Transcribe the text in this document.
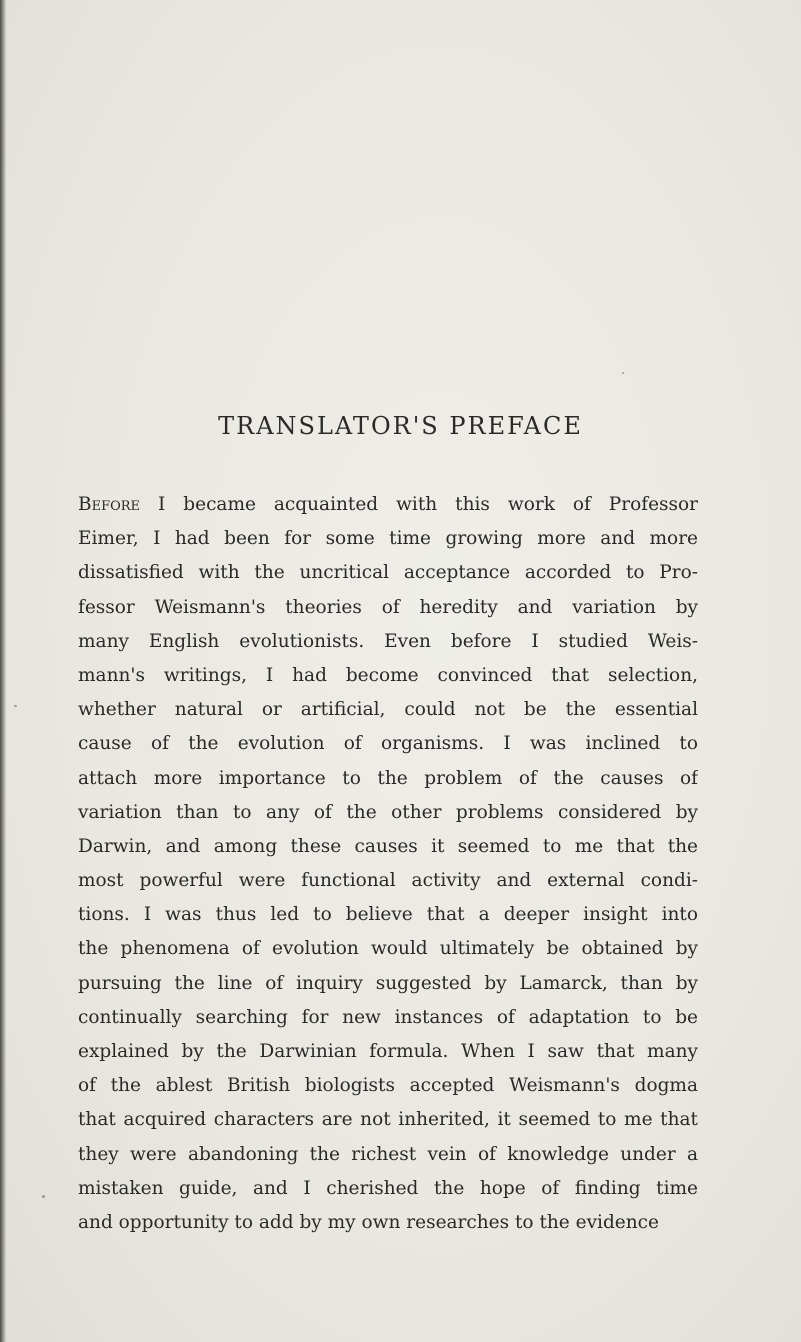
TRANSLATOR'S PREFACE
Before I became acquainted with this work of Professor
Eimer, I had been for some time growing more and more
dissatisfied with the uncritical acceptance accorded to Pro-
fessor Weismann's theories of heredity and variation by
many English evolutionists. Even before I studied Weis-
mann's writings, I had become convinced that selection,
whether natural or artificial, could not be the essential
cause of the evolution of organisms. I was inclined to
attach more importance to the problem of the causes of
variation than to any of the other problems considered by
Darwin, and among these causes it seemed to me that the
most powerful were functional activity and external condi-
tions. I was thus led to believe that a deeper insight into
the phenomena of evolution would ultimately be obtained by
pursuing the line of inquiry suggested by Lamarck, than by
continually searching for new instances of adaptation to be
explained by the Darwinian formula. When I saw that many
of the ablest British biologists accepted Weismann's dogma
that acquired characters are not inherited, it seemed to me that
they were abandoning the richest vein of knowledge under a
mistaken guide, and I cherished the hope of finding time
and opportunity to add by my own researches to the evidence
